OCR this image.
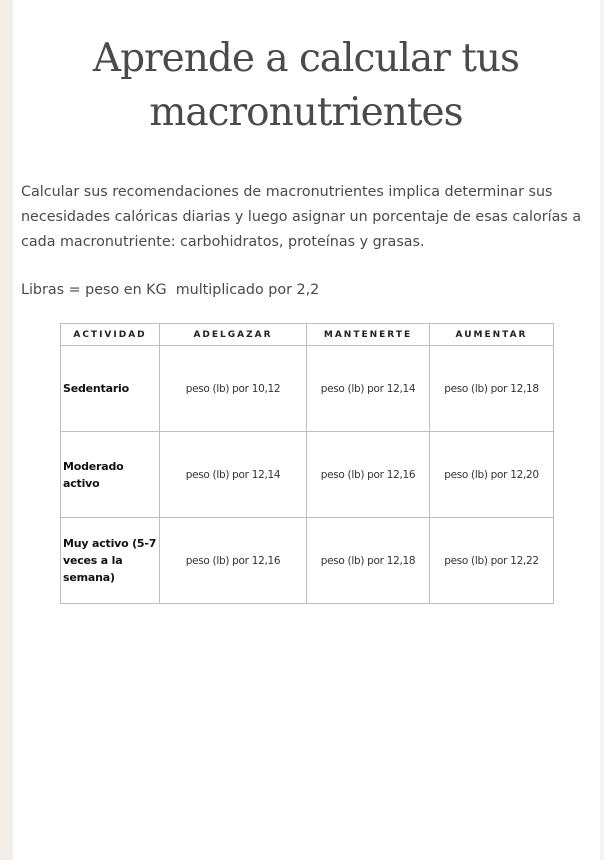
Aprende a calcular tus
macronutrientes

Calcular sus recomendaciones de macronutrientes implica determinar sus necesidades calóricas diarias y luego asignar un porcentaje de esas calorías a cada macronutriente: carbohidratos, proteínas y grasas.

Libras = peso en KG  multiplicado por 2,2

ACTIVIDAD	ADELGAZAR	MANTENERTE	AUMENTAR
Sedentario	peso (lb) por 10,12	peso (lb) por 12,14	peso (lb) por 12,18
Moderado activo	peso (lb) por 12,14	peso (lb) por 12,16	peso (lb) por 12,20
Muy activo (5-7 veces a la semana)	peso (lb) por 12,16	peso (lb) por 12,18	peso (lb) por 12,22
